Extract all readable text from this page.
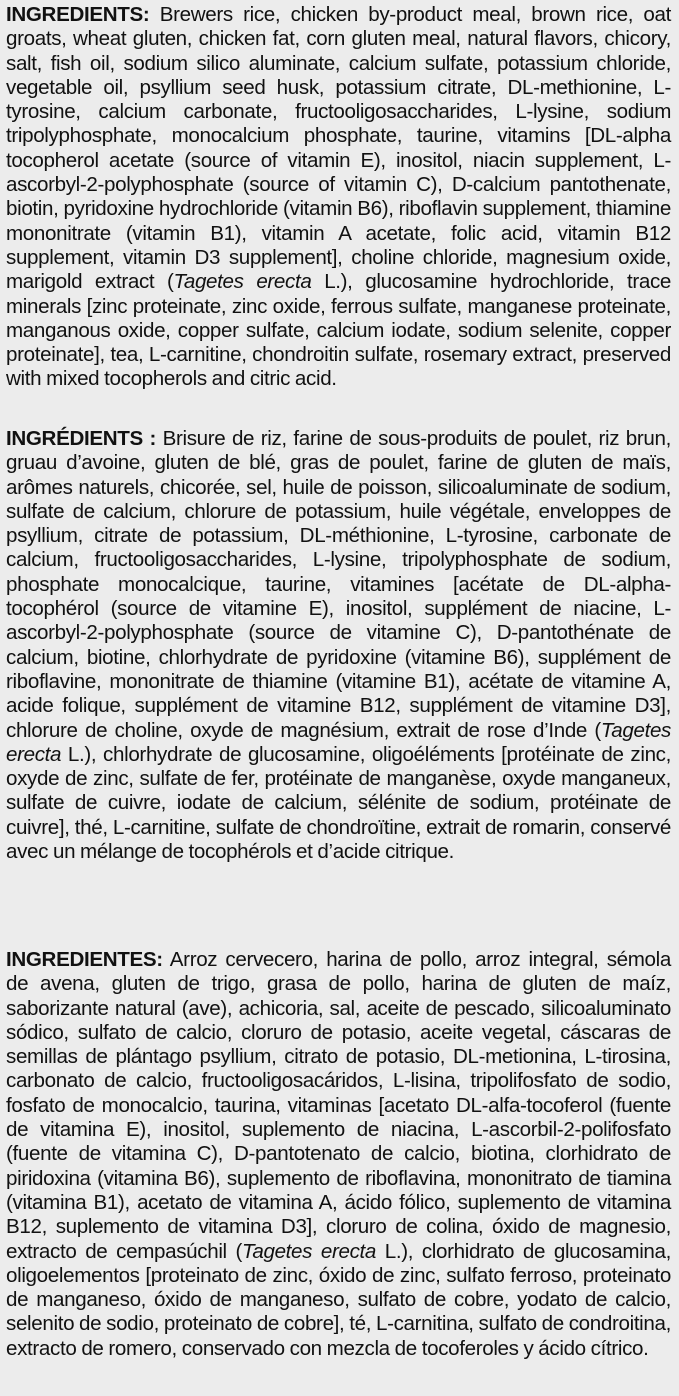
INGREDIENTS: Brewers rice, chicken by-product meal, brown rice, oat groats, wheat gluten, chicken fat, corn gluten meal, natural flavors, chicory, salt, fish oil, sodium silico aluminate, calcium sulfate, potassium chloride, vegetable oil, psyllium seed husk, potassium citrate, DL-methionine, L-tyrosine, calcium carbonate, fructooligosaccharides, L-lysine, sodium tripolyphosphate, monocalcium phosphate, taurine, vitamins [DL-alpha tocopherol acetate (source of vitamin E), inositol, niacin supplement, L-ascorbyl-2-polyphosphate (source of vitamin C), D-calcium pantothenate, biotin, pyridoxine hydrochloride (vitamin B6), riboflavin supplement, thiamine mononitrate (vitamin B1), vitamin A acetate, folic acid, vitamin B12 supplement, vitamin D3 supplement], choline chloride, magnesium oxide, marigold extract (Tagetes erecta L.), glucosamine hydrochloride, trace minerals [zinc proteinate, zinc oxide, ferrous sulfate, manganese proteinate, manganous oxide, copper sulfate, calcium iodate, sodium selenite, copper proteinate], tea, L-carnitine, chondroitin sulfate, rosemary extract, preserved with mixed tocopherols and citric acid.

INGRÉDIENTS : Brisure de riz, farine de sous-produits de poulet, riz brun, gruau d’avoine, gluten de blé, gras de poulet, farine de gluten de maïs, arômes naturels, chicorée, sel, huile de poisson, silicoaluminate de sodium, sulfate de calcium, chlorure de potassium, huile végétale, enveloppes de psyllium, citrate de potassium, DL-méthionine, L-tyrosine, carbonate de calcium, fructooligosaccharides, L-lysine, tripolyphosphate de sodium, phosphate monocalcique, taurine, vitamines [acétate de DL-alpha-tocophérol (source de vitamine E), inositol, supplément de niacine, L-ascorbyl-2-polyphosphate (source de vitamine C), D-pantothénate de calcium, biotine, chlorhydrate de pyridoxine (vitamine B6), supplément de riboflavine, mononitrate de thiamine (vitamine B1), acétate de vitamine A, acide folique, supplément de vitamine B12, supplément de vitamine D3], chlorure de choline, oxyde de magnésium, extrait de rose d’Inde (Tagetes erecta L.), chlorhydrate de glucosamine, oligoéléments [protéinate de zinc, oxyde de zinc, sulfate de fer, protéinate de manganèse, oxyde manganeux, sulfate de cuivre, iodate de calcium, sélénite de sodium, protéinate de cuivre], thé, L-carnitine, sulfate de chondroïtine, extrait de romarin, conservé avec un mélange de tocophérols et d’acide citrique.

INGREDIENTES: Arroz cervecero, harina de pollo, arroz integral, sémola de avena, gluten de trigo, grasa de pollo, harina de gluten de maíz, saborizante natural (ave), achicoria, sal, aceite de pescado, silicoaluminato sódico, sulfato de calcio, cloruro de potasio, aceite vegetal, cáscaras de semillas de plántago psyllium, citrato de potasio, DL-metionina, L-tirosina, carbonato de calcio, fructooligosacáridos, L-lisina, tripolifosfato de sodio, fosfato de monocalcio, taurina, vitaminas [acetato DL-alfa-tocoferol (fuente de vitamina E), inositol, suplemento de niacina, L-ascorbil-2-polifosfato (fuente de vitamina C), D-pantotenato de calcio, biotina, clorhidrato de piridoxina (vitamina B6), suplemento de riboflavina, mononitrato de tiamina (vitamina B1), acetato de vitamina A, ácido fólico, suplemento de vitamina B12, suplemento de vitamina D3], cloruro de colina, óxido de magnesio, extracto de cempasúchil (Tagetes erecta L.), clorhidrato de glucosamina, oligoelementos [proteinato de zinc, óxido de zinc, sulfato ferroso, proteinato de manganeso, óxido de manganeso, sulfato de cobre, yodato de calcio, selenito de sodio, proteinato de cobre], té, L-carnitina, sulfato de condroitina, extracto de romero, conservado con mezcla de tocoferoles y ácido cítrico.
